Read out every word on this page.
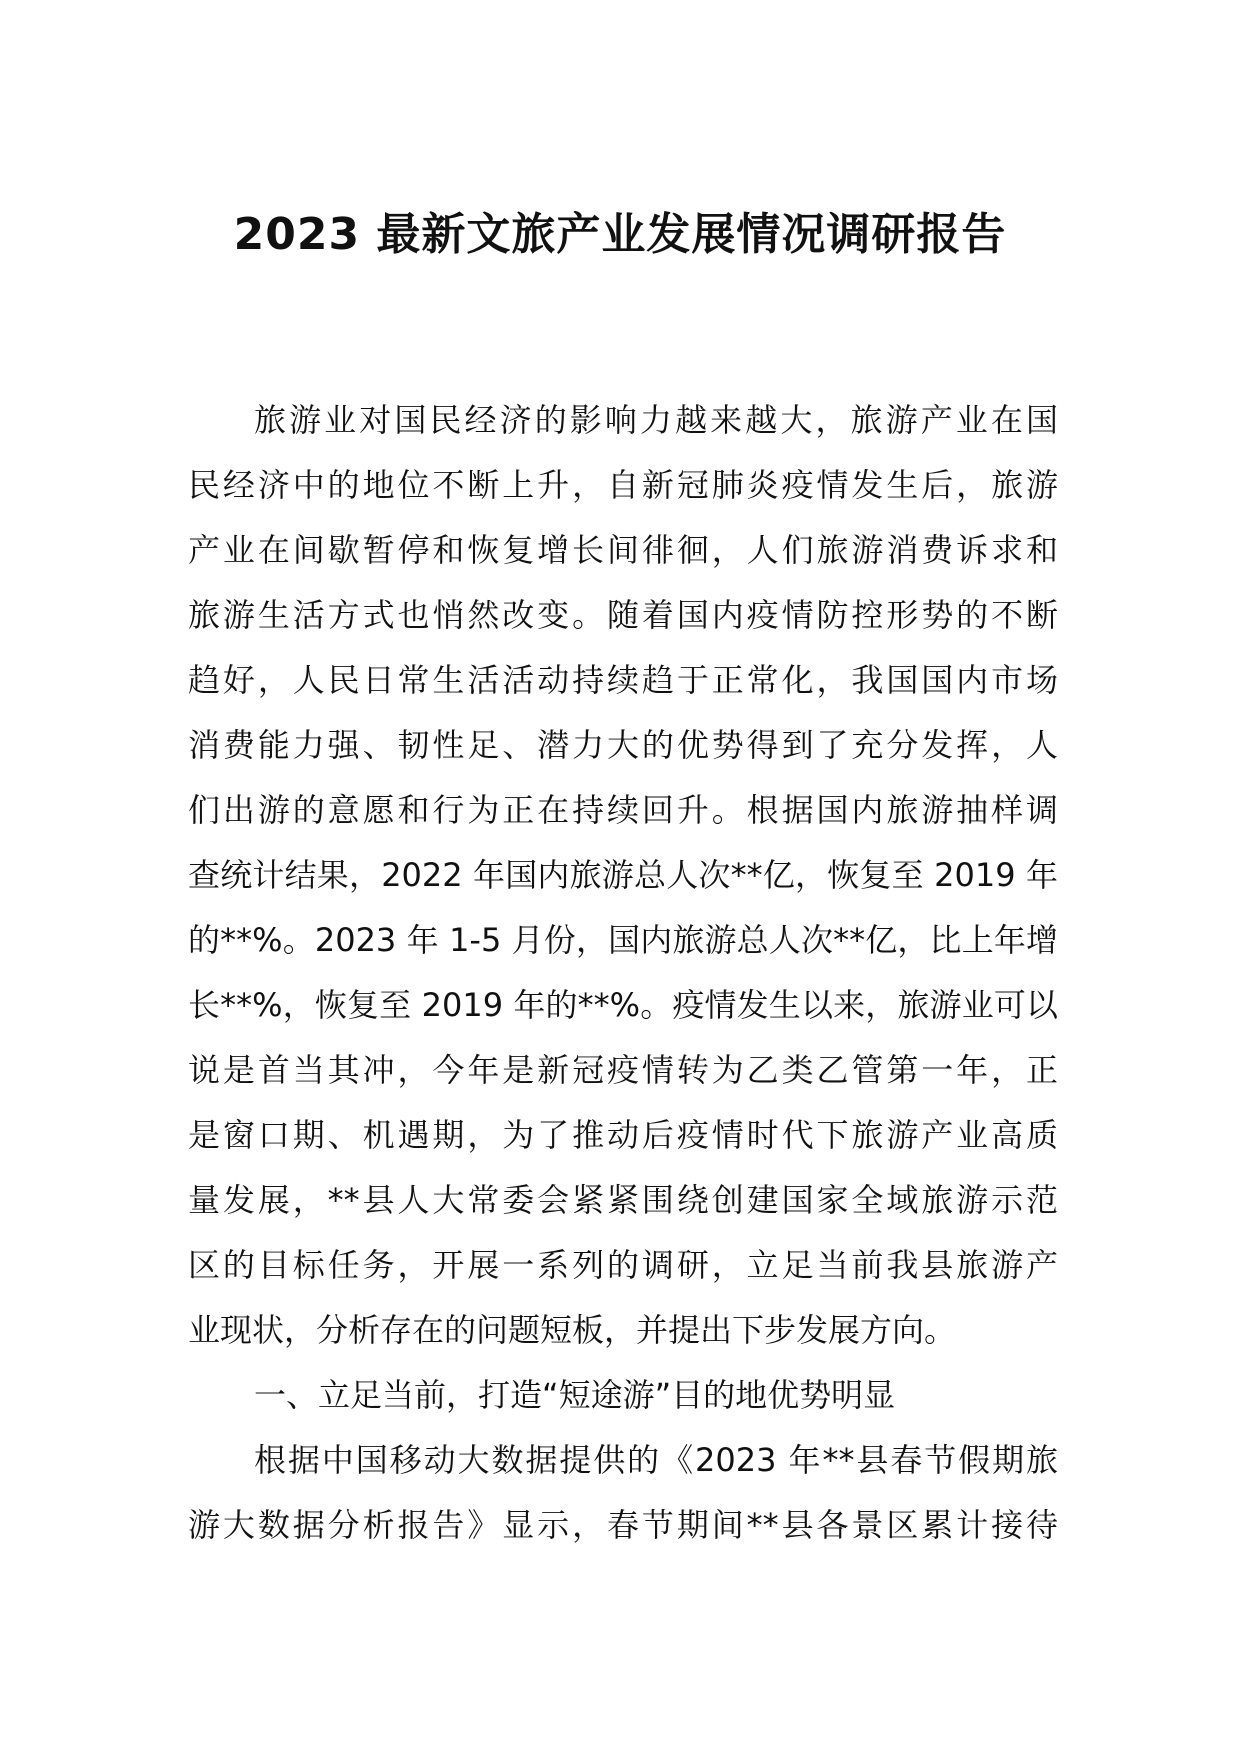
2023 最新文旅产业发展情况调研报告
旅游业对国民经济的影响力越来越大，旅游产业在国
民经济中的地位不断上升，自新冠肺炎疫情发生后，旅游
产业在间歇暂停和恢复增长间徘徊，人们旅游消费诉求和
旅游生活方式也悄然改变。随着国内疫情防控形势的不断
趋好，人民日常生活活动持续趋于正常化，我国国内市场
消费能力强、韧性足、潜力大的优势得到了充分发挥，人
们出游的意愿和行为正在持续回升。根据国内旅游抽样调
查统计结果，2022 年国内旅游总人次**亿，恢复至 2019 年
的**%。2023 年 1-5 月份，国内旅游总人次**亿，比上年增
长**%，恢复至 2019 年的**%。疫情发生以来，旅游业可以
说是首当其冲，今年是新冠疫情转为乙类乙管第一年，正
是窗口期、机遇期，为了推动后疫情时代下旅游产业高质
量发展，**县人大常委会紧紧围绕创建国家全域旅游示范
区的目标任务，开展一系列的调研，立足当前我县旅游产
业现状，分析存在的问题短板，并提出下步发展方向。
一、立足当前，打造“短途游”目的地优势明显
根据中国移动大数据提供的《2023 年**县春节假期旅
游大数据分析报告》显示，春节期间**县各景区累计接待
